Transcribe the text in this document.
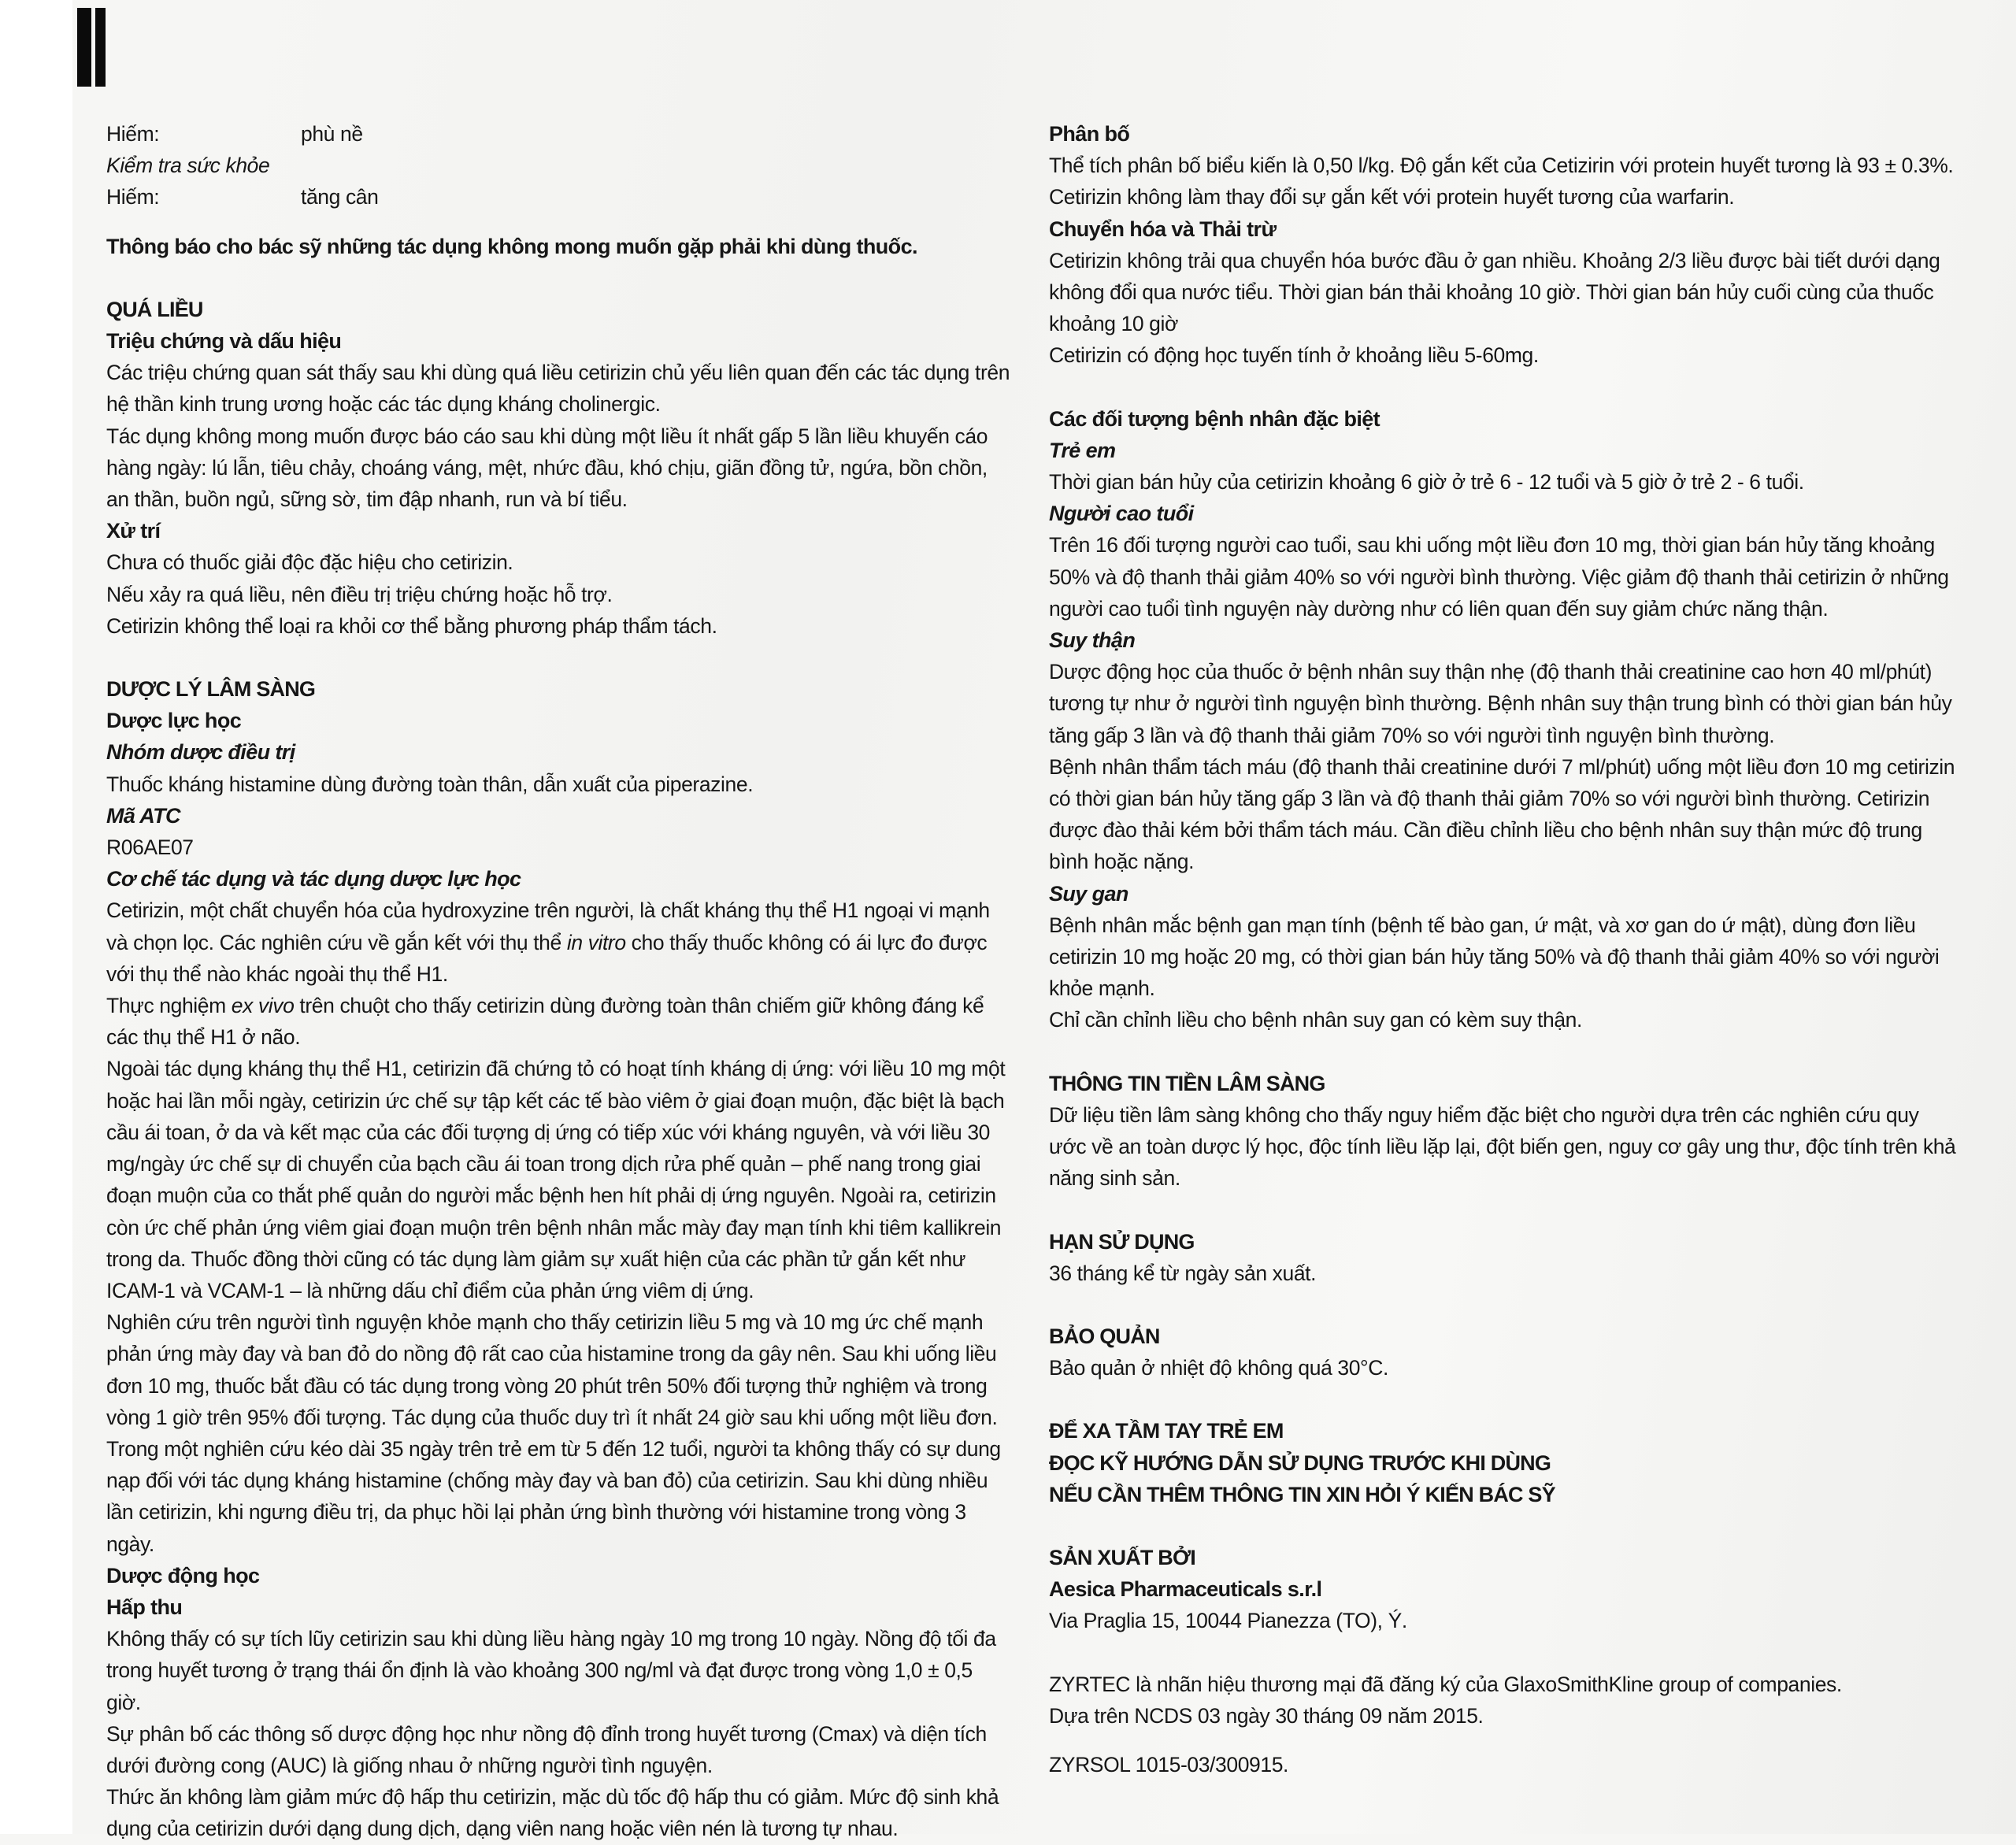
Hiếm:	phù nề

Kiểm tra sức khỏe

Hiếm:	tăng cân

Thông báo cho bác sỹ những tác dụng không mong muốn gặp phải khi dùng thuốc.

QUÁ LIỀU

Triệu chứng và dấu hiệu

Các triệu chứng quan sát thấy sau khi dùng quá liều cetirizin chủ yếu liên quan đến các tác dụng trên hệ thần kinh trung ương hoặc các tác dụng kháng cholinergic.

Tác dụng không mong muốn được báo cáo sau khi dùng một liều ít nhất gấp 5 lần liều khuyến cáo hàng ngày: lú lẫn, tiêu chảy, choáng váng, mệt, nhức đầu, khó chịu, giãn đồng tử, ngứa, bồn chồn, an thần, buồn ngủ, sững sờ, tim đập nhanh, run và bí tiểu.

Xử trí

Chưa có thuốc giải độc đặc hiệu cho cetirizin.

Nếu xảy ra quá liều, nên điều trị triệu chứng hoặc hỗ trợ.

Cetirizin không thể loại ra khỏi cơ thể bằng phương pháp thẩm tách.

DƯỢC LÝ LÂM SÀNG

Dược lực học

Nhóm dược điều trị

Thuốc kháng histamine dùng đường toàn thân, dẫn xuất của piperazine.

Mã ATC

R06AE07

Cơ chế tác dụng và tác dụng dược lực học

Cetirizin, một chất chuyển hóa của hydroxyzine trên người, là chất kháng thụ thể H1 ngoại vi mạnh và chọn lọc. Các nghiên cứu về gắn kết với thụ thể in vitro cho thấy thuốc không có ái lực đo được với thụ thể nào khác ngoài thụ thể H1.

Thực nghiệm ex vivo trên chuột cho thấy cetirizin dùng đường toàn thân chiếm giữ không đáng kể các thụ thể H1 ở não.

Ngoài tác dụng kháng thụ thể H1, cetirizin đã chứng tỏ có hoạt tính kháng dị ứng: với liều 10 mg một hoặc hai lần mỗi ngày, cetirizin ức chế sự tập kết các tế bào viêm ở giai đoạn muộn, đặc biệt là bạch cầu ái toan, ở da và kết mạc của các đối tượng dị ứng có tiếp xúc với kháng nguyên, và với liều 30 mg/ngày ức chế sự di chuyển của bạch cầu ái toan trong dịch rửa phế quản – phế nang trong giai đoạn muộn của co thắt phế quản do người mắc bệnh hen hít phải dị ứng nguyên. Ngoài ra, cetirizin còn ức chế phản ứng viêm giai đoạn muộn trên bệnh nhân mắc mày đay mạn tính khi tiêm kallikrein trong da. Thuốc đồng thời cũng có tác dụng làm giảm sự xuất hiện của các phần tử gắn kết như ICAM-1 và VCAM-1 – là những dấu chỉ điểm của phản ứng viêm dị ứng.

Nghiên cứu trên người tình nguyện khỏe mạnh cho thấy cetirizin liều 5 mg và 10 mg ức chế mạnh phản ứng mày đay và ban đỏ do nồng độ rất cao của histamine trong da gây nên. Sau khi uống liều đơn 10 mg, thuốc bắt đầu có tác dụng trong vòng 20 phút trên 50% đối tượng thử nghiệm và trong vòng 1 giờ trên 95% đối tượng. Tác dụng của thuốc duy trì ít nhất 24 giờ sau khi uống một liều đơn. Trong một nghiên cứu kéo dài 35 ngày trên trẻ em từ 5 đến 12 tuổi, người ta không thấy có sự dung nạp đối với tác dụng kháng histamine (chống mày đay và ban đỏ) của cetirizin. Sau khi dùng nhiều lần cetirizin, khi ngưng điều trị, da phục hồi lại phản ứng bình thường với histamine trong vòng 3 ngày.

Dược động học

Hấp thu

Không thấy có sự tích lũy cetirizin sau khi dùng liều hàng ngày 10 mg trong 10 ngày. Nồng độ tối đa trong huyết tương ở trạng thái ổn định là vào khoảng 300 ng/ml và đạt được trong vòng 1,0 ± 0,5 giờ.

Sự phân bố các thông số dược động học như nồng độ đỉnh trong huyết tương (Cmax) và diện tích dưới đường cong (AUC) là giống nhau ở những người tình nguyện.

Thức ăn không làm giảm mức độ hấp thu cetirizin, mặc dù tốc độ hấp thu có giảm. Mức độ sinh khả dụng của cetirizin dưới dạng dung dịch, dạng viên nang hoặc viên nén là tương tự nhau.

Phân bố

Thể tích phân bố biểu kiến là 0,50 l/kg. Độ gắn kết của Cetizirin với protein huyết tương là 93 ± 0.3%. Cetirizin không làm thay đổi sự gắn kết với protein huyết tương của warfarin.

Chuyển hóa và Thải trừ

Cetirizin không trải qua chuyển hóa bước đầu ở gan nhiều. Khoảng 2/3 liều được bài tiết dưới dạng không đổi qua nước tiểu. Thời gian bán thải khoảng 10 giờ. Thời gian bán hủy cuối cùng của thuốc khoảng 10 giờ

Cetirizin có động học tuyến tính ở khoảng liều 5-60mg.

Các đối tượng bệnh nhân đặc biệt

Trẻ em

Thời gian bán hủy của cetirizin khoảng 6 giờ ở trẻ 6 - 12 tuổi và 5 giờ ở trẻ 2 - 6 tuổi.

Người cao tuổi

Trên 16 đối tượng người cao tuổi, sau khi uống một liều đơn 10 mg, thời gian bán hủy tăng khoảng 50% và độ thanh thải giảm 40% so với người bình thường. Việc giảm độ thanh thải cetirizin ở những người cao tuổi tình nguyện này dường như có liên quan đến suy giảm chức năng thận.

Suy thận

Dược động học của thuốc ở bệnh nhân suy thận nhẹ (độ thanh thải creatinine cao hơn 40 ml/phút) tương tự như ở người tình nguyện bình thường. Bệnh nhân suy thận trung bình có thời gian bán hủy tăng gấp 3 lần và độ thanh thải giảm 70% so với người tình nguyện bình thường.

Bệnh nhân thẩm tách máu (độ thanh thải creatinine dưới 7 ml/phút) uống một liều đơn 10 mg cetirizin có thời gian bán hủy tăng gấp 3 lần và độ thanh thải giảm 70% so với người bình thường. Cetirizin được đào thải kém bởi thẩm tách máu. Cần điều chỉnh liều cho bệnh nhân suy thận mức độ trung bình hoặc nặng.

Suy gan

Bệnh nhân mắc bệnh gan mạn tính (bệnh tế bào gan, ứ mật, và xơ gan do ứ mật), dùng đơn liều cetirizin 10 mg hoặc 20 mg, có thời gian bán hủy tăng 50% và độ thanh thải giảm 40% so với người khỏe mạnh.

Chỉ cần chỉnh liều cho bệnh nhân suy gan có kèm suy thận.

THÔNG TIN TIỀN LÂM SÀNG

Dữ liệu tiền lâm sàng không cho thấy nguy hiểm đặc biệt cho người dựa trên các nghiên cứu quy ước về an toàn dược lý học, độc tính liều lặp lại, đột biến gen, nguy cơ gây ung thư, độc tính trên khả năng sinh sản.

HẠN SỬ DỤNG

36 tháng kể từ ngày sản xuất.

BẢO QUẢN

Bảo quản ở nhiệt độ không quá 30°C.

ĐỂ XA TẦM TAY TRẺ EM

ĐỌC KỸ HƯỚNG DẪN SỬ DỤNG TRƯỚC KHI DÙNG

NẾU CẦN THÊM THÔNG TIN XIN HỎI Ý KIẾN BÁC SỸ

SẢN XUẤT BỞI

Aesica Pharmaceuticals s.r.l

Via Praglia 15, 10044 Pianezza (TO), Ý.

ZYRTEC là nhãn hiệu thương mại đã đăng ký của GlaxoSmithKline group of companies.

Dựa trên NCDS 03 ngày 30 tháng 09 năm 2015.

ZYRSOL 1015-03/300915.
